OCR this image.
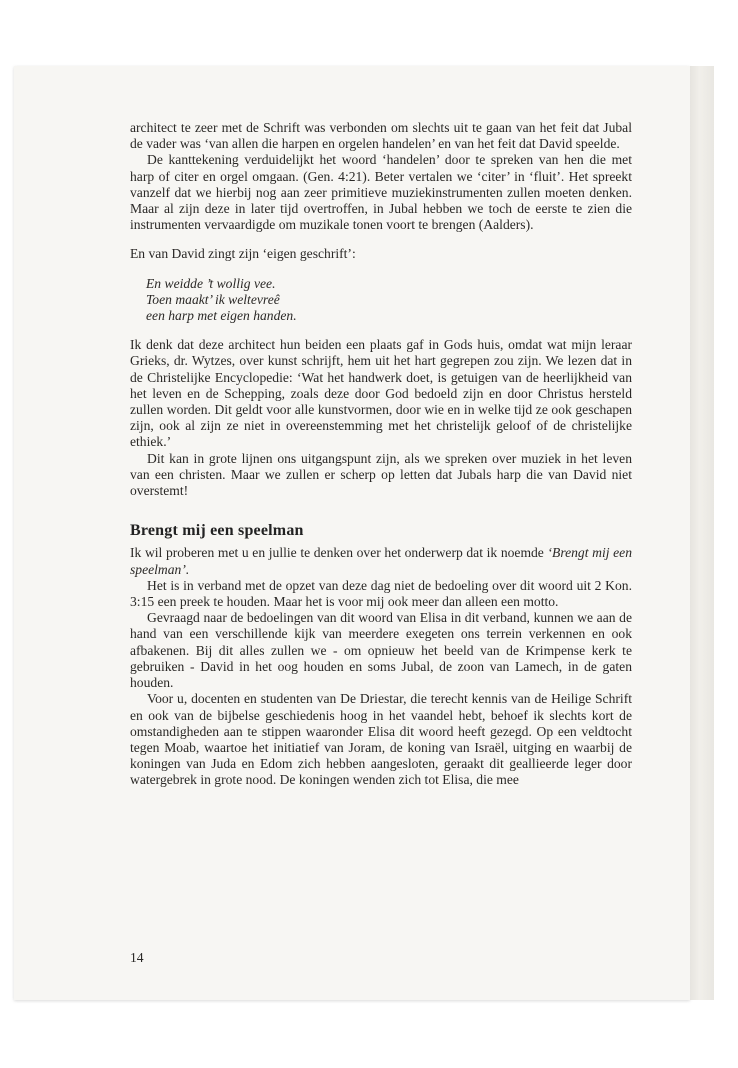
architect te zeer met de Schrift was verbonden om slechts uit te gaan van het feit dat Jubal de vader was ‘van allen die harpen en orgelen handelen’ en van het feit dat David speelde.

De kanttekening verduidelijkt het woord ‘handelen’ door te spreken van hen die met harp of citer en orgel omgaan. (Gen. 4:21). Beter vertalen we ‘citer’ in ‘fluit’. Het spreekt vanzelf dat we hierbij nog aan zeer primitieve muziekinstrumenten zullen moeten denken. Maar al zijn deze in later tijd overtroffen, in Jubal hebben we toch de eerste te zien die instrumenten vervaardigde om muzikale tonen voort te brengen (Aalders).

En van David zingt zijn ‘eigen geschrift’:

En weidde ’t wollig vee.
Toen maakt’ ik weltevreê
een harp met eigen handen.

Ik denk dat deze architect hun beiden een plaats gaf in Gods huis, omdat wat mijn leraar Grieks, dr. Wytzes, over kunst schrijft, hem uit het hart gegrepen zou zijn. We lezen dat in de Christelijke Encyclopedie: ‘Wat het handwerk doet, is getuigen van de heerlijkheid van het leven en de Schepping, zoals deze door God bedoeld zijn en door Christus hersteld zullen worden. Dit geldt voor alle kunstvormen, door wie en in welke tijd ze ook geschapen zijn, ook al zijn ze niet in overeenstemming met het christelijk geloof of de christelijke ethiek.’

Dit kan in grote lijnen ons uitgangspunt zijn, als we spreken over muziek in het leven van een christen. Maar we zullen er scherp op letten dat Jubals harp die van David niet overstemt!

Brengt mij een speelman

Ik wil proberen met u en jullie te denken over het onderwerp dat ik noemde ‘Brengt mij een speelman’.

Het is in verband met de opzet van deze dag niet de bedoeling over dit woord uit 2 Kon. 3:15 een preek te houden. Maar het is voor mij ook meer dan alleen een motto.

Gevraagd naar de bedoelingen van dit woord van Elisa in dit verband, kunnen we aan de hand van een verschillende kijk van meerdere exegeten ons terrein verkennen en ook afbakenen. Bij dit alles zullen we - om opnieuw het beeld van de Krimpense kerk te gebruiken - David in het oog houden en soms Jubal, de zoon van Lamech, in de gaten houden.

Voor u, docenten en studenten van De Driestar, die terecht kennis van de Heilige Schrift en ook van de bijbelse geschiedenis hoog in het vaandel hebt, behoef ik slechts kort de omstandigheden aan te stippen waaronder Elisa dit woord heeft gezegd. Op een veldtocht tegen Moab, waartoe het initiatief van Joram, de koning van Israël, uitging en waarbij de koningen van Juda en Edom zich hebben aangesloten, geraakt dit geallieerde leger door watergebrek in grote nood. De koningen wenden zich tot Elisa, die mee

14
